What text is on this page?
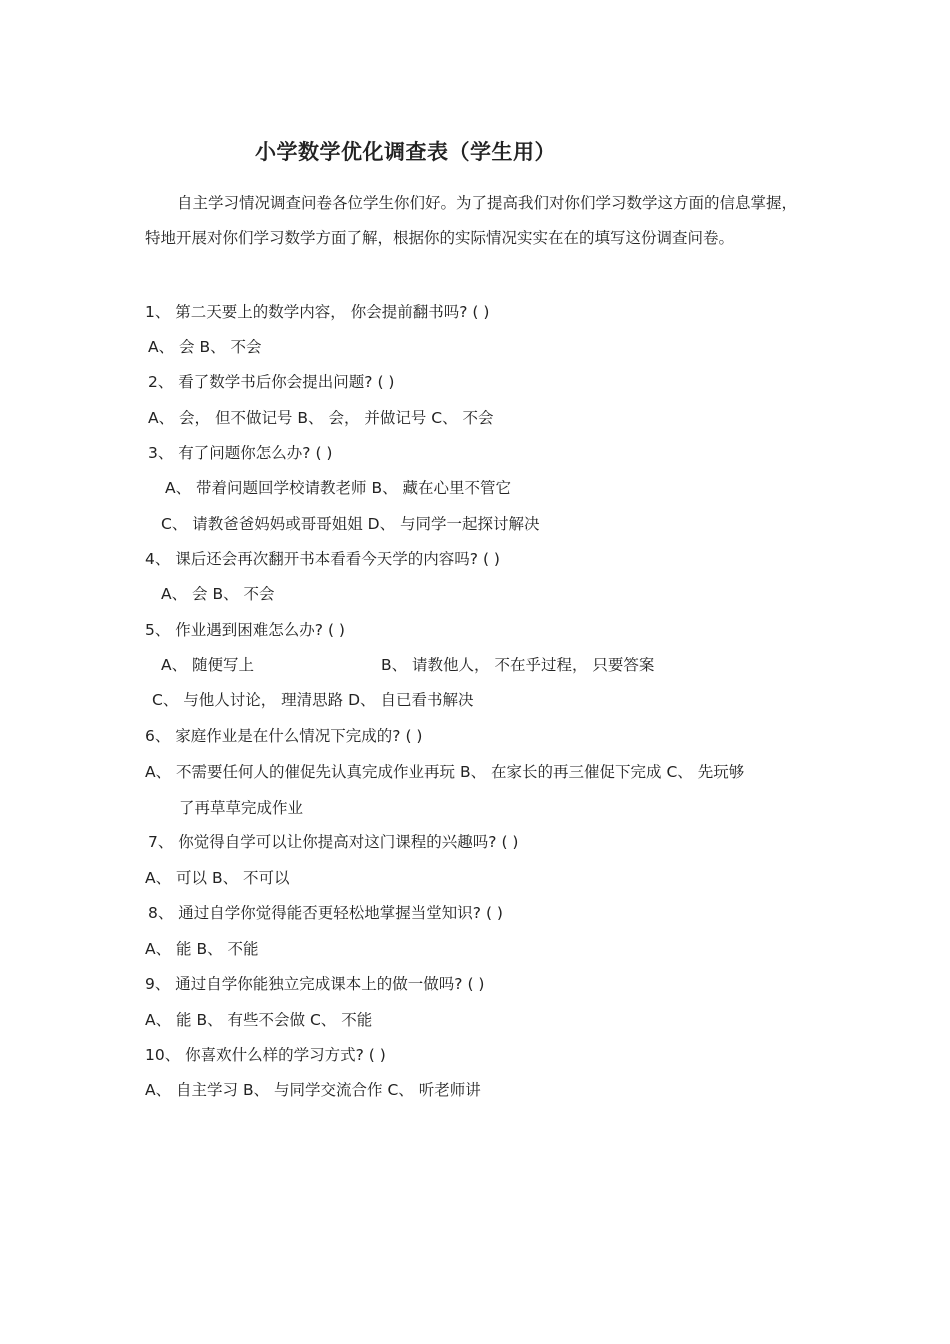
小学数学优化调查表（学生用）
自主学习情况调查问卷各位学生你们好。为了提高我们对你们学习数学这方面的信息掌握， 特地开展对你们学习数学方面了解，根据你的实际情况实实在在的填写这份调查问卷。
1、 第二天要上的数学内容， 你会提前翻书吗? ( )
A、 会 B、 不会
2、 看了数学书后你会提出问题? ( )
A、 会， 但不做记号 B、 会， 并做记号 C、 不会
3、 有了问题你怎么办? ( )
A、 带着问题回学校请教老师 B、 藏在心里不管它
C、 请教爸爸妈妈或哥哥姐姐 D、 与同学一起探讨解决
4、 课后还会再次翻开书本看看今天学的内容吗? ( )
A、 会 B、 不会
5、 作业遇到困难怎么办? ( )
A、 随便写上	B、 请教他人， 不在乎过程， 只要答案
C、 与他人讨论， 理清思路 D、 自已看书解决
6、 家庭作业是在什么情况下完成的? ( )
A、 不需要任何人的催促先认真完成作业再玩 B、 在家长的再三催促下完成 C、 先玩够
了再草草完成作业
7、 你觉得自学可以让你提高对这门课程的兴趣吗? ( )
A、 可以 B、 不可以
8、 通过自学你觉得能否更轻松地掌握当堂知识? ( )
A、 能 B、 不能
9、 通过自学你能独立完成课本上的做一做吗? ( )
A、 能 B、 有些不会做 C、 不能
10、 你喜欢什么样的学习方式? ( )
A、 自主学习 B、 与同学交流合作 C、 听老师讲
